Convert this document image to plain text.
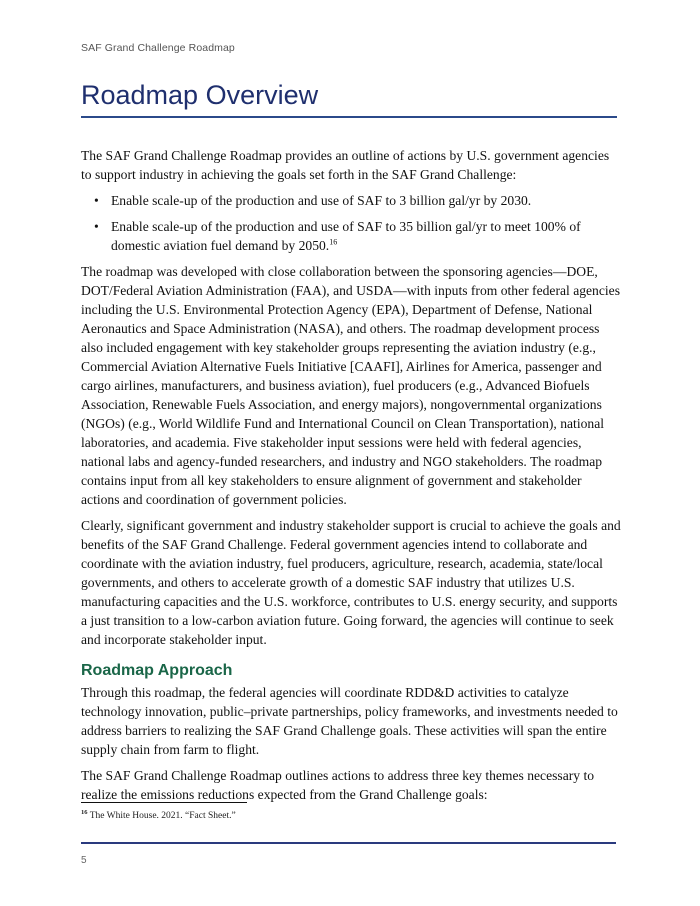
SAF Grand Challenge Roadmap
Roadmap Overview

The SAF Grand Challenge Roadmap provides an outline of actions by U.S. government agencies to support industry in achieving the goals set forth in the SAF Grand Challenge:

• Enable scale-up of the production and use of SAF to 3 billion gal/yr by 2030.
• Enable scale-up of the production and use of SAF to 35 billion gal/yr to meet 100% of domestic aviation fuel demand by 2050.16

The roadmap was developed with close collaboration between the sponsoring agencies—DOE, DOT/Federal Aviation Administration (FAA), and USDA—with inputs from other federal agencies including the U.S. Environmental Protection Agency (EPA), Department of Defense, National Aeronautics and Space Administration (NASA), and others. The roadmap development process also included engagement with key stakeholder groups representing the aviation industry (e.g., Commercial Aviation Alternative Fuels Initiative [CAAFI], Airlines for America, passenger and cargo airlines, manufacturers, and business aviation), fuel producers (e.g., Advanced Biofuels Association, Renewable Fuels Association, and energy majors), nongovernmental organizations (NGOs) (e.g., World Wildlife Fund and International Council on Clean Transportation), national laboratories, and academia. Five stakeholder input sessions were held with federal agencies, national labs and agency-funded researchers, and industry and NGO stakeholders. The roadmap contains input from all key stakeholders to ensure alignment of government and stakeholder actions and coordination of government policies.

Clearly, significant government and industry stakeholder support is crucial to achieve the goals and benefits of the SAF Grand Challenge. Federal government agencies intend to collaborate and coordinate with the aviation industry, fuel producers, agriculture, research, academia, state/local governments, and others to accelerate growth of a domestic SAF industry that utilizes U.S. manufacturing capacities and the U.S. workforce, contributes to U.S. energy security, and supports a just transition to a low-carbon aviation future. Going forward, the agencies will continue to seek and incorporate stakeholder input.

Roadmap Approach

Through this roadmap, the federal agencies will coordinate RDD&D activities to catalyze technology innovation, public–private partnerships, policy frameworks, and investments needed to address barriers to realizing the SAF Grand Challenge goals. These activities will span the entire supply chain from farm to flight.

The SAF Grand Challenge Roadmap outlines actions to address three key themes necessary to realize the emissions reductions expected from the Grand Challenge goals:

$^{16}$ The White House. 2021. “Fact Sheet.”
5
